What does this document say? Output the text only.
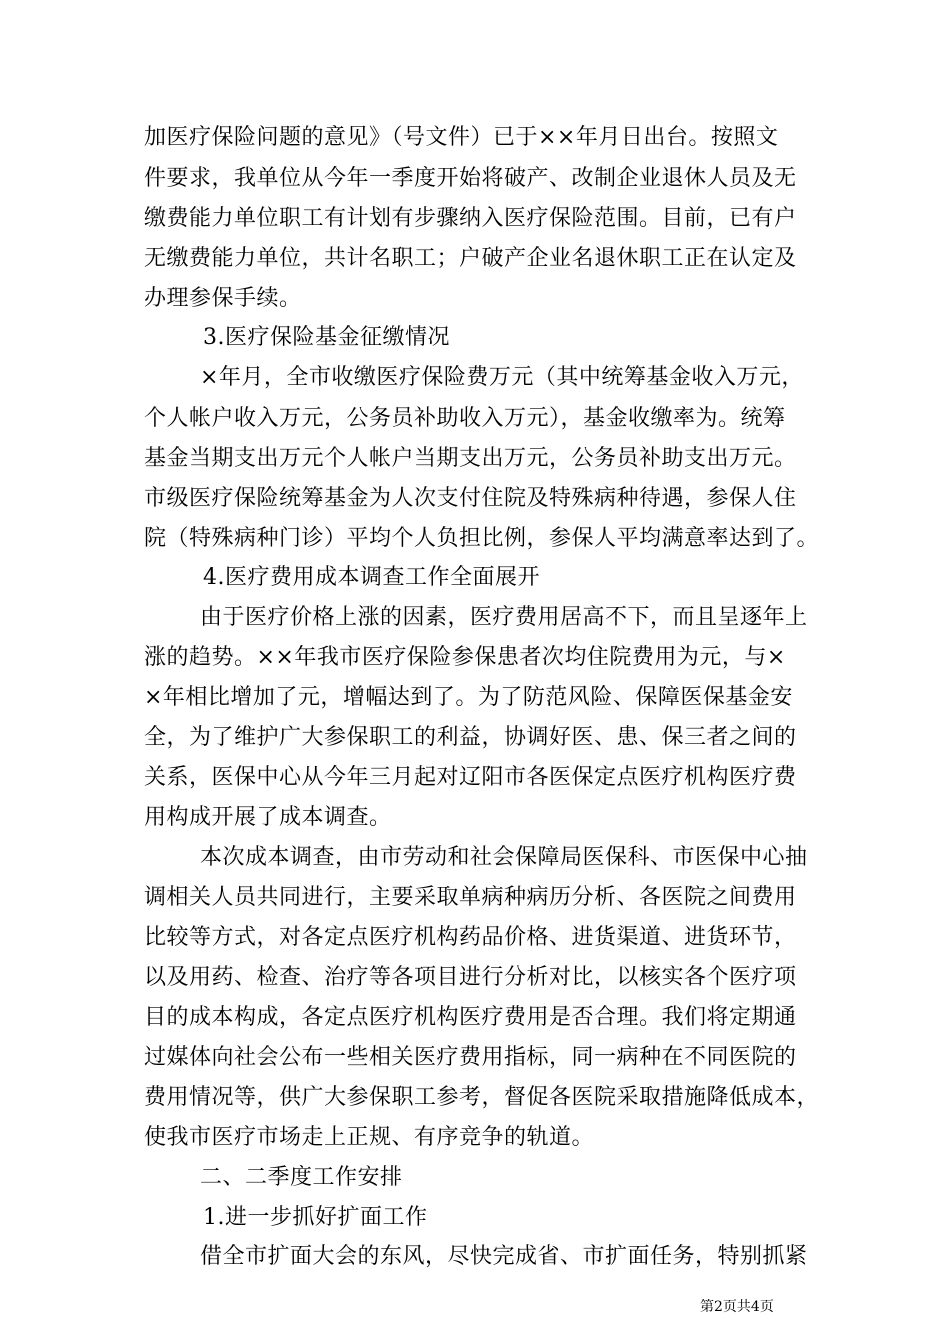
加医疗保险问题的意见》（号文件）已于××年月日出台。按照文
件要求，我单位从今年一季度开始将破产、改制企业退休人员及无
缴费能力单位职工有计划有步骤纳入医疗保险范围。目前，已有户
无缴费能力单位，共计名职工；户破产企业名退休职工正在认定及
办理参保手续。
3.医疗保险基金征缴情况
×年月，全市收缴医疗保险费万元（其中统筹基金收入万元，
个人帐户收入万元，公务员补助收入万元），基金收缴率为。统筹
基金当期支出万元个人帐户当期支出万元，公务员补助支出万元。
市级医疗保险统筹基金为人次支付住院及特殊病种待遇，参保人住
院（特殊病种门诊）平均个人负担比例，参保人平均满意率达到了。
4.医疗费用成本调查工作全面展开
由于医疗价格上涨的因素，医疗费用居高不下，而且呈逐年上
涨的趋势。××年我市医疗保险参保患者次均住院费用为元，与×
×年相比增加了元，增幅达到了。为了防范风险、保障医保基金安
全，为了维护广大参保职工的利益，协调好医、患、保三者之间的
关系，医保中心从今年三月起对辽阳市各医保定点医疗机构医疗费
用构成开展了成本调查。
本次成本调查，由市劳动和社会保障局医保科、市医保中心抽
调相关人员共同进行，主要采取单病种病历分析、各医院之间费用
比较等方式，对各定点医疗机构药品价格、进货渠道、进货环节，
以及用药、检查、治疗等各项目进行分析对比，以核实各个医疗项
目的成本构成，各定点医疗机构医疗费用是否合理。我们将定期通
过媒体向社会公布一些相关医疗费用指标，同一病种在不同医院的
费用情况等，供广大参保职工参考，督促各医院采取措施降低成本，
使我市医疗市场走上正规、有序竞争的轨道。
二、二季度工作安排
1.进一步抓好扩面工作
借全市扩面大会的东风，尽快完成省、市扩面任务，特别抓紧
第2页共4页
